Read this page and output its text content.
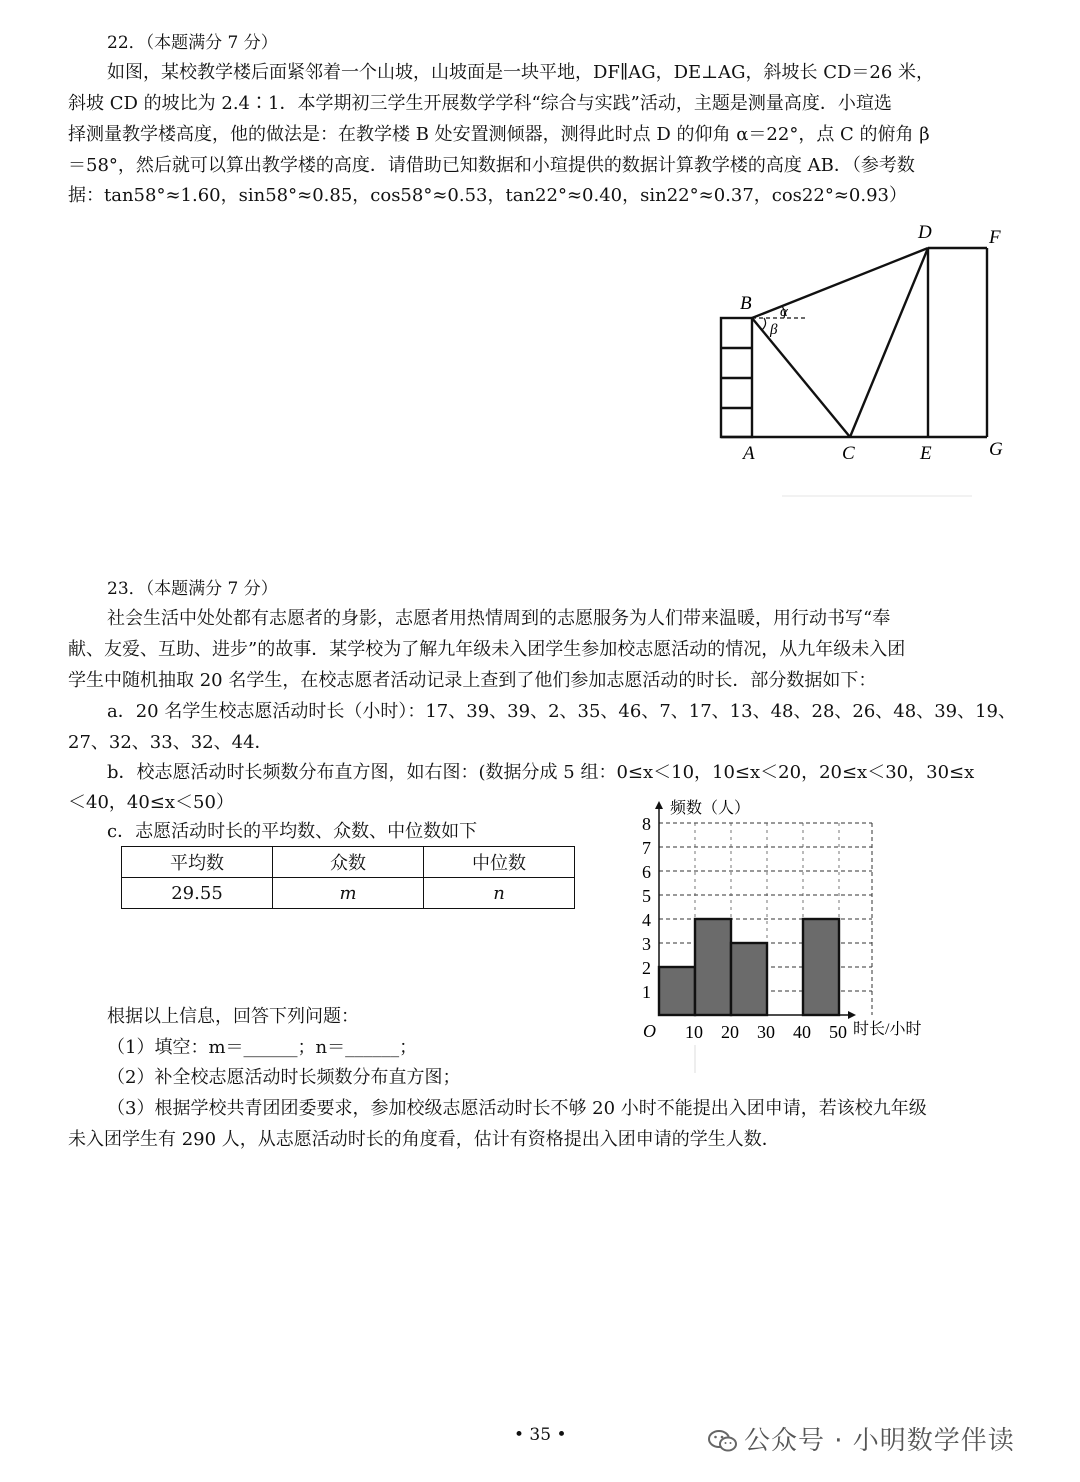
22．（本题满分 7 分）
如图，某校教学楼后面紧邻着一个山坡，山坡面是一块平地，DF∥AG，DE⊥AG，斜坡长 CD＝26 米，
斜坡 CD 的坡比为 2.4∶1．本学期初三学生开展数学学科“综合与实践”活动，主题是测量高度．小瑄选
择测量教学楼高度，他的做法是：在教学楼 B 处安置测倾器，测得此时点 D 的仰角 α＝22°，点 C 的俯角 β
＝58°，然后就可以算出教学楼的高度．请借助已知数据和小瑄提供的数据计算教学楼的高度 AB．（参考数
据：tan58°≈1.60，sin58°≈0.85，cos58°≈0.53，tan22°≈0.40，sin22°≈0.37，cos22°≈0.93）
B
A	C	E	G
D	F
α
β
23．（本题满分 7 分）
社会生活中处处都有志愿者的身影，志愿者用热情周到的志愿服务为人们带来温暖，用行动书写“奉
献、友爱、互助、进步”的故事．某学校为了解九年级未入团学生参加校志愿活动的情况，从九年级未入团
学生中随机抽取 20 名学生，在校志愿者活动记录上查到了他们参加志愿活动的时长．部分数据如下：
a．20 名学生校志愿活动时长（小时）：17、39、39、2、35、46、7、17、13、48、28、26、48、39、19、
27、32、33、32、44．
b．校志愿活动时长频数分布直方图，如右图：(数据分成 5 组：0≤x＜10，10≤x＜20，20≤x＜30，30≤x
＜40，40≤x＜50）
c．志愿活动时长的平均数、众数、中位数如下
平均数	众数	中位数
29.55	m	n
1
2
3
4
5
6
7
8
10 20 30 40 50
O	时长/小时
频数（人）
根据以上信息，回答下列问题：
（1）填空：m＝______；n＝______；
（2）补全校志愿活动时长频数分布直方图；
（3）根据学校共青团团委要求，参加校级志愿活动时长不够 20 小时不能提出入团申请，若该校九年级
未入团学生有 290 人，从志愿活动时长的角度看，估计有资格提出入团申请的学生人数．
• 35 •	公众号 · 小明数学伴读
